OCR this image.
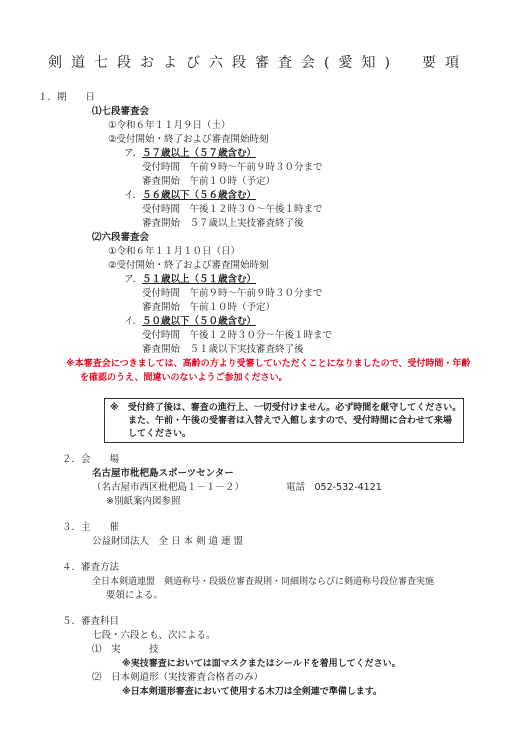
剣道七段および六段審査会(愛知)　要項
１．期　　日
⑴七段審査会
①令和６年１１月９日（土）
②受付開始・終了および審査開始時刻
ア． ５７歳以上（５７歳含む）
受付時間　午前９時〜午前９時３０分まで
審査開始　午前１０時（予定）
イ． ５６歳以下（５６歳含む）
受付時間　午後１２時３０〜午後１時まで
審査開始　５７歳以上実技審査終了後
⑵六段審査会
①令和６年１１月１０日（日）
②受付開始・終了および審査開始時刻
ア． ５１歳以上（５１歳含む）
受付時間　午前９時〜午前９時３０分まで
審査開始　午前１０時（予定）
イ． ５０歳以下（５０歳含む）
受付時間　午後１２時３０分〜午後１時まで
審査開始　５１歳以下実技審査終了後
※本審査会につきましては、高齢の方より受審していただくことになりましたので、受付時間・年齢
を確認のうえ、間違いのないようご参加ください。
※　受付終了後は、審査の進行上、一切受付けません。必ず時間を厳守してください。
また、午前・午後の受審者は入替えで入館しますので、受付時間に合わせて来場
してください。
２．会　　場
名古屋市枇杷島スポーツセンター
（名古屋市西区枇杷島１－１－２）	電話　052-532-4121
※別紙案内図参照
３．主　　催
公益財団法人　全 日 本 剣 道 連 盟
４．審査方法
全日本剣道連盟　剣道称号・段級位審査規則・同細則ならびに剣道称号段位審査実施
要領による。
５．審査科目
七段・六段とも、次による。
⑴　実　　　技
※実技審査においては面マスクまたはシールドを着用してください。
⑵　日本剣道形（実技審査合格者のみ）
※日本剣道形審査において使用する木刀は全剣連で準備します。
